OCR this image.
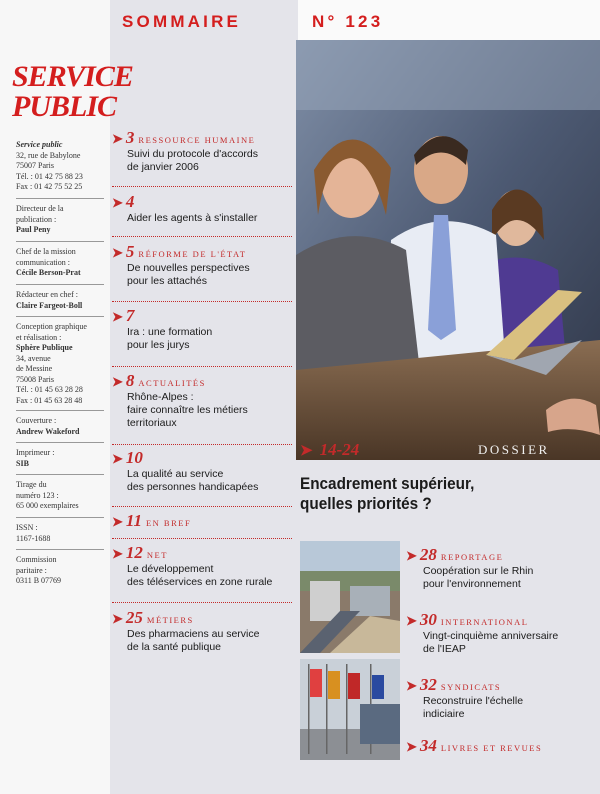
SERVICE
PUBLIC
Service public
32, rue de Babylone
75007 Paris
Tél. : 01 42 75 88 23
Fax : 01 42 75 52 25
Directeur de la
publication :
Paul Peny
Chef de la mission
communication :
Cécile Berson-Prat
Rédacteur en chef :
Claire Fargeot-Boll
Conception graphique
et réalisation :
Sphère Publique
34, avenue
de Messine
75008 Paris
Tél. : 01 45 63 28 28
Fax : 01 45 63 28 48
Couverture :
Andrew Wakeford
Imprimeur :
SIB
Tirage du
numéro 123 :
65 000 exemplaires
ISSN :
1167-1688
Commission
paritaire :
0311 B 07769
SOMMAIRE	N° 123
➤ 3 RESSOURCE HUMAINE
Suivi du protocole d'accords
de janvier 2006
➤ 4
Aider les agents à s'installer
➤ 5 RÉFORME DE L'ÉTAT
De nouvelles perspectives
pour les attachés
➤ 7
Ira : une formation
pour les jurys
➤ 8 ACTUALITÉS
Rhône-Alpes :
faire connaître les métiers
territoriaux
➤ 10
La qualité au service
des personnes handicapées
➤ 11 EN BREF
➤ 12 NET
Le développement
des téléservices en zone rurale
➤ 25 MÉTIERS
Des pharmaciens au service
de la santé publique
➤ 14-24	DOSSIER
Encadrement supérieur,
quelles priorités ?
➤ 28 REPORTAGE
Coopération sur le Rhin
pour l'environnement
➤ 30 INTERNATIONAL
Vingt-cinquième anniversaire
de l'IEAP
➤ 32 SYNDICATS
Reconstruire l'échelle
indiciaire
➤ 34 LIVRES ET REVUES
